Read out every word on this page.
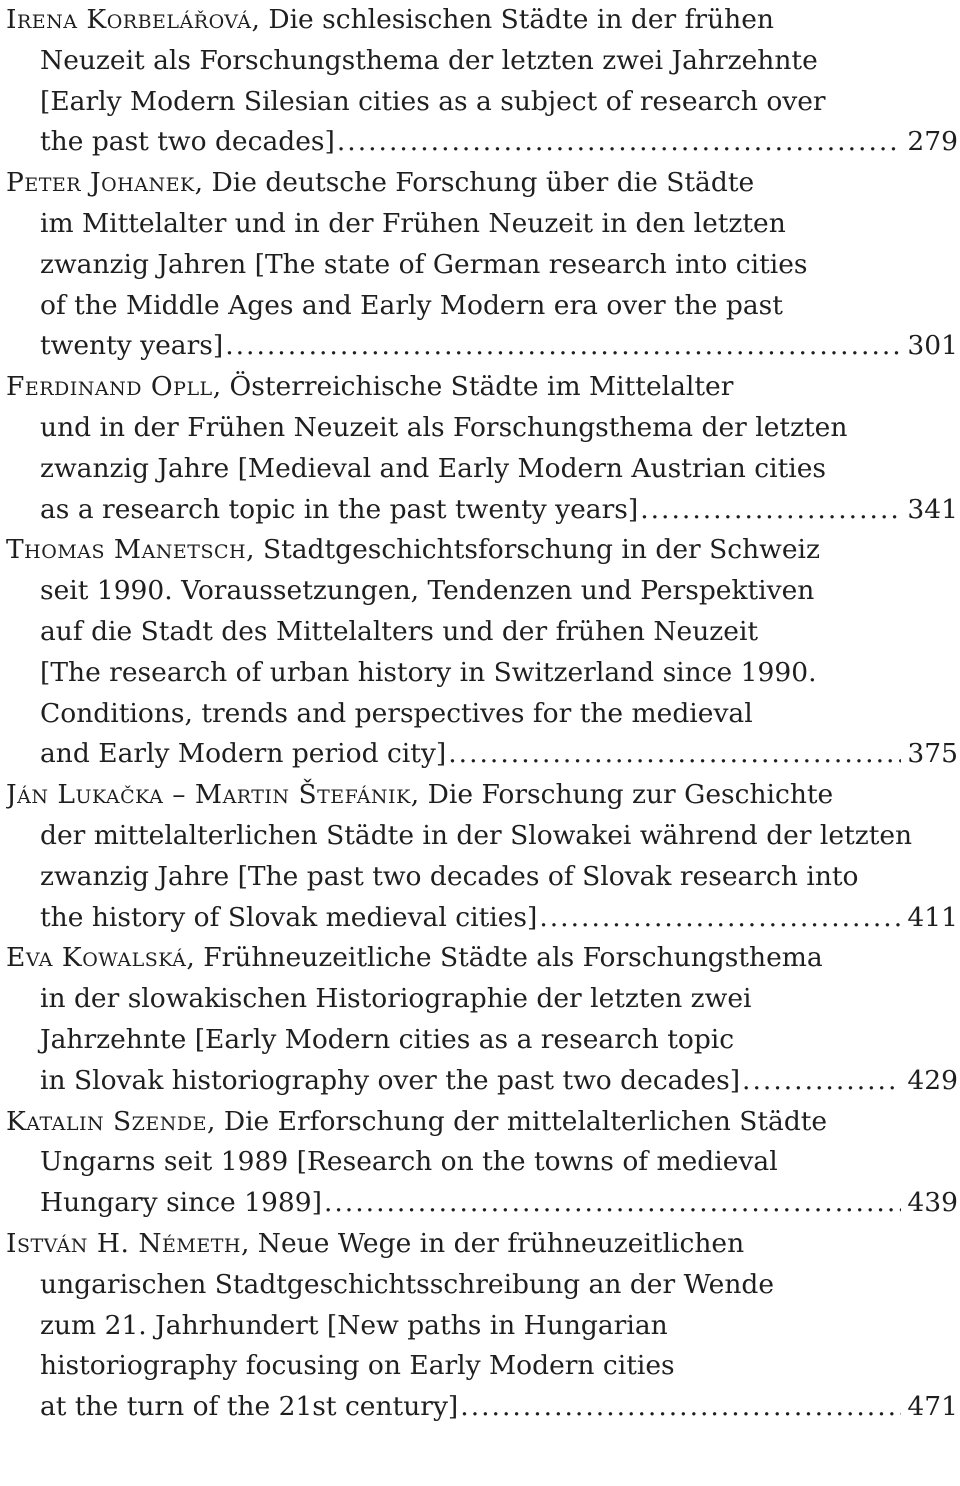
Irena Korbelářová, Die schlesischen Städte in der frühen
Neuzeit als Forschungsthema der letzten zwei Jahrzehnte
[Early Modern Silesian cities as a subject of research over
the past two decades] .....	279
Peter Johanek, Die deutsche Forschung über die Städte
im Mittelalter und in der Frühen Neuzeit in den letzten
zwanzig Jahren [The state of German research into cities
of the Middle Ages and Early Modern era over the past
twenty years] .....	301
Ferdinand Opll, Österreichische Städte im Mittelalter
und in der Frühen Neuzeit als Forschungsthema der letzten
zwanzig Jahre [Medieval and Early Modern Austrian cities
as a research topic in the past twenty years] .....	341
Thomas Manetsch, Stadtgeschichtsforschung in der Schweiz
seit 1990. Voraussetzungen, Tendenzen und Perspektiven
auf die Stadt des Mittelalters und der frühen Neuzeit
[The research of urban history in Switzerland since 1990.
Conditions, trends and perspectives for the medieval
and Early Modern period city] .....	375
Ján Lukačka – Martin Štefánik, Die Forschung zur Geschichte
der mittelalterlichen Städte in der Slowakei während der letzten
zwanzig Jahre [The past two decades of Slovak research into
the history of Slovak medieval cities] .....	411
Eva Kowalská, Frühneuzeitliche Städte als Forschungsthema
in der slowakischen Historiographie der letzten zwei
Jahrzehnte [Early Modern cities as a research topic
in Slovak historiography over the past two decades] .....	429
Katalin Szende, Die Erforschung der mittelalterlichen Städte
Ungarns seit 1989 [Research on the towns of medieval
Hungary since 1989] .....	439
István H. Németh, Neue Wege in der frühneuzeitlichen
ungarischen Stadtgeschichtsschreibung an der Wende
zum 21. Jahrhundert [New paths in Hungarian
historiography focusing on Early Modern cities
at the turn of the 21st century] .....	471
